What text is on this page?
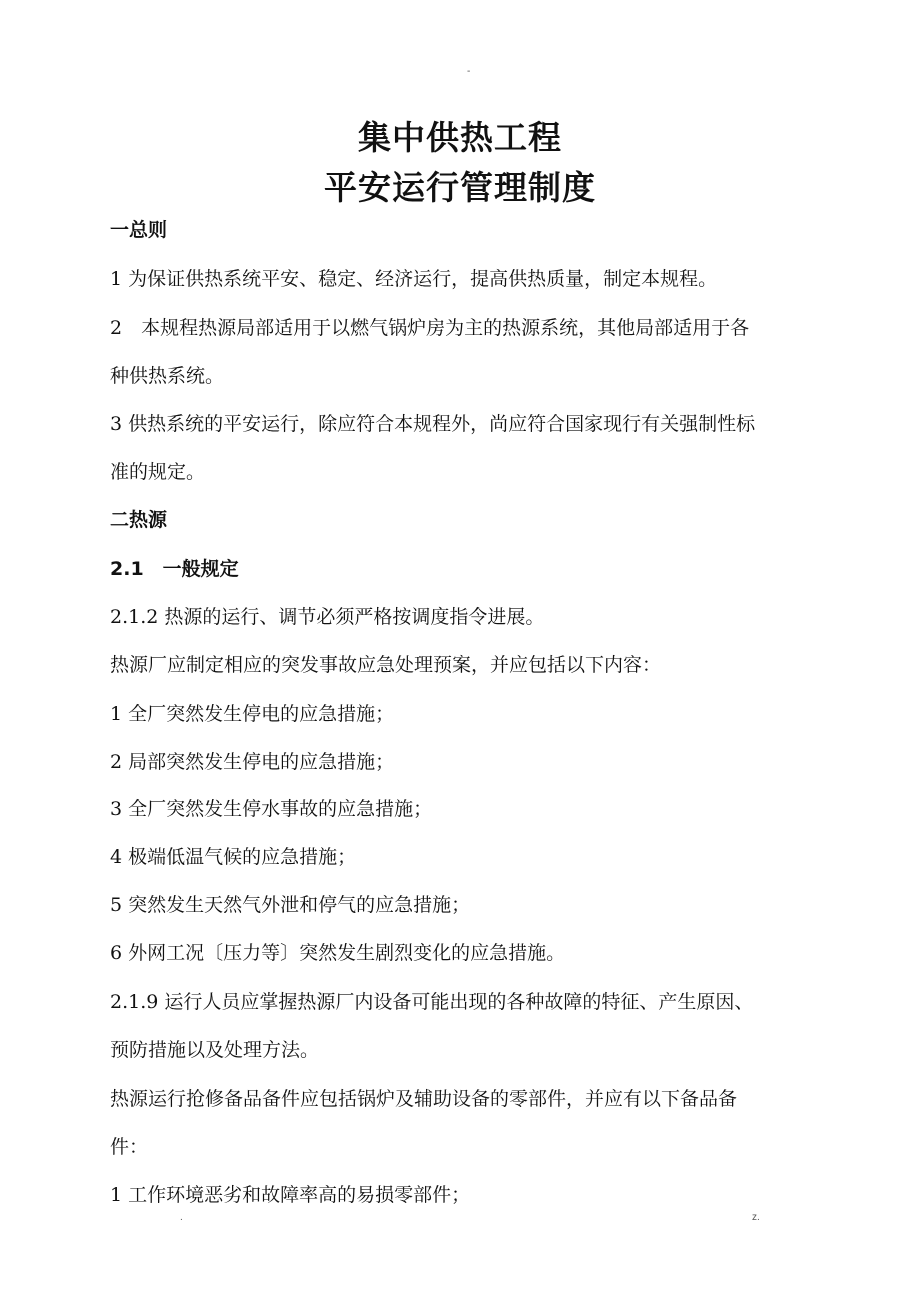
-
集中供热工程
平安运行管理制度
一总则
1 为保证供热系统平安、稳定、经济运行，提高供热质量，制定本规程。
2　本规程热源局部适用于以燃气锅炉房为主的热源系统，其他局部适用于各
种供热系统。
3 供热系统的平安运行，除应符合本规程外，尚应符合国家现行有关强制性标
准的规定。
二热源
2.1　一般规定
2.1.2 热源的运行、调节必须严格按调度指令进展。
热源厂应制定相应的突发事故应急处理预案，并应包括以下内容：
1 全厂突然发生停电的应急措施；
2 局部突然发生停电的应急措施；
3 全厂突然发生停水事故的应急措施；
4 极端低温气候的应急措施；
5 突然发生天然气外泄和停气的应急措施；
6 外网工况〔压力等〕突然发生剧烈变化的应急措施。
2.1.9 运行人员应掌握热源厂内设备可能出现的各种故障的特征、产生原因、
预防措施以及处理方法。
热源运行抢修备品备件应包括锅炉及辅助设备的零部件，并应有以下备品备
件：
1 工作环境恶劣和故障率高的易损零部件；
.	z.
